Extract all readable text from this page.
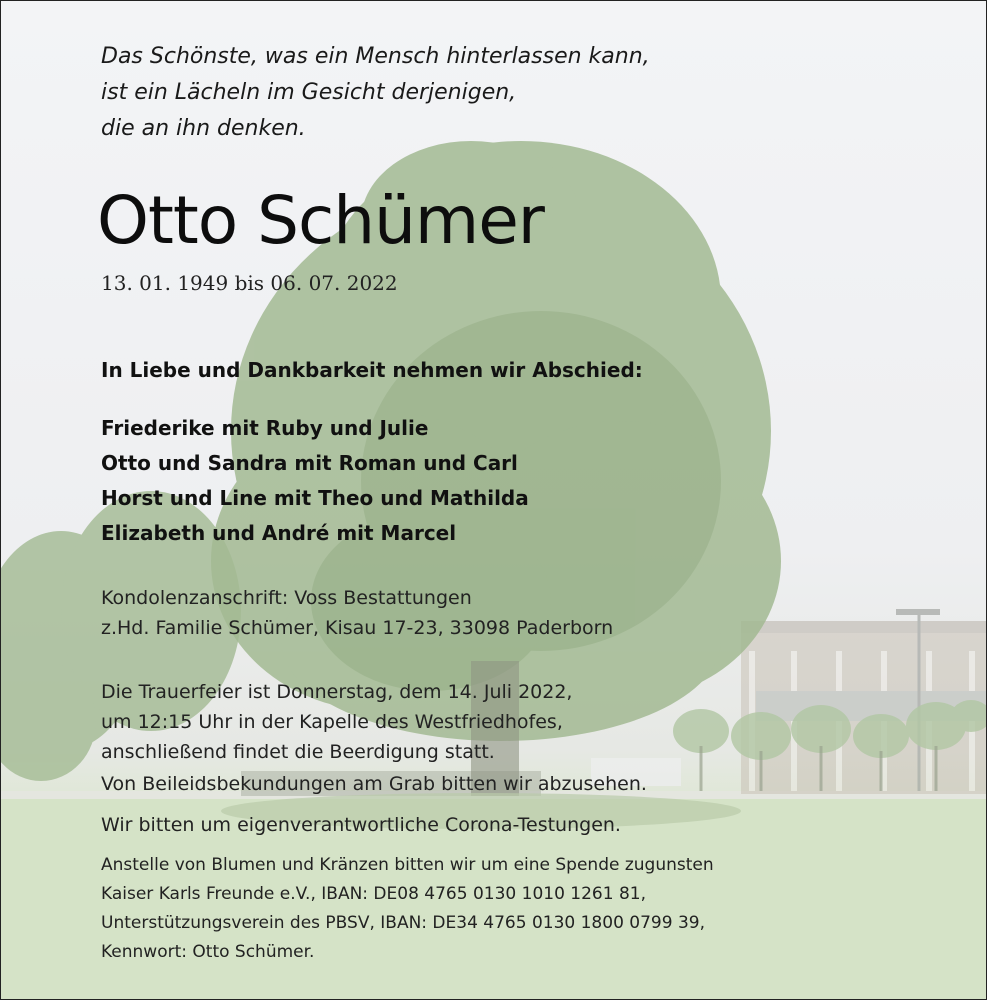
Das Schönste, was ein Mensch hinterlassen kann,
ist ein Lächeln im Gesicht derjenigen,
die an ihn denken.
Otto Schümer
13. 01. 1949 bis 06. 07. 2022
In Liebe und Dankbarkeit nehmen wir Abschied:
Friederike mit Ruby und Julie
Otto und Sandra mit Roman und Carl
Horst und Line mit Theo und Mathilda
Elizabeth und André mit Marcel
Kondolenzanschrift: Voss Bestattungen
z.Hd. Familie Schümer, Kisau 17-23, 33098 Paderborn
Die Trauerfeier ist Donnerstag, dem 14. Juli 2022,
um 12:15 Uhr in der Kapelle des Westfriedhofes,
anschließend findet die Beerdigung statt.
Von Beileidsbekundungen am Grab bitten wir abzusehen.
Wir bitten um eigenverantwortliche Corona-Testungen.
Anstelle von Blumen und Kränzen bitten wir um eine Spende zugunsten
Kaiser Karls Freunde e.V., IBAN: DE08 4765 0130 1010 1261 81,
Unterstützungsverein des PBSV, IBAN: DE34 4765 0130 1800 0799 39,
Kennwort: Otto Schümer.
